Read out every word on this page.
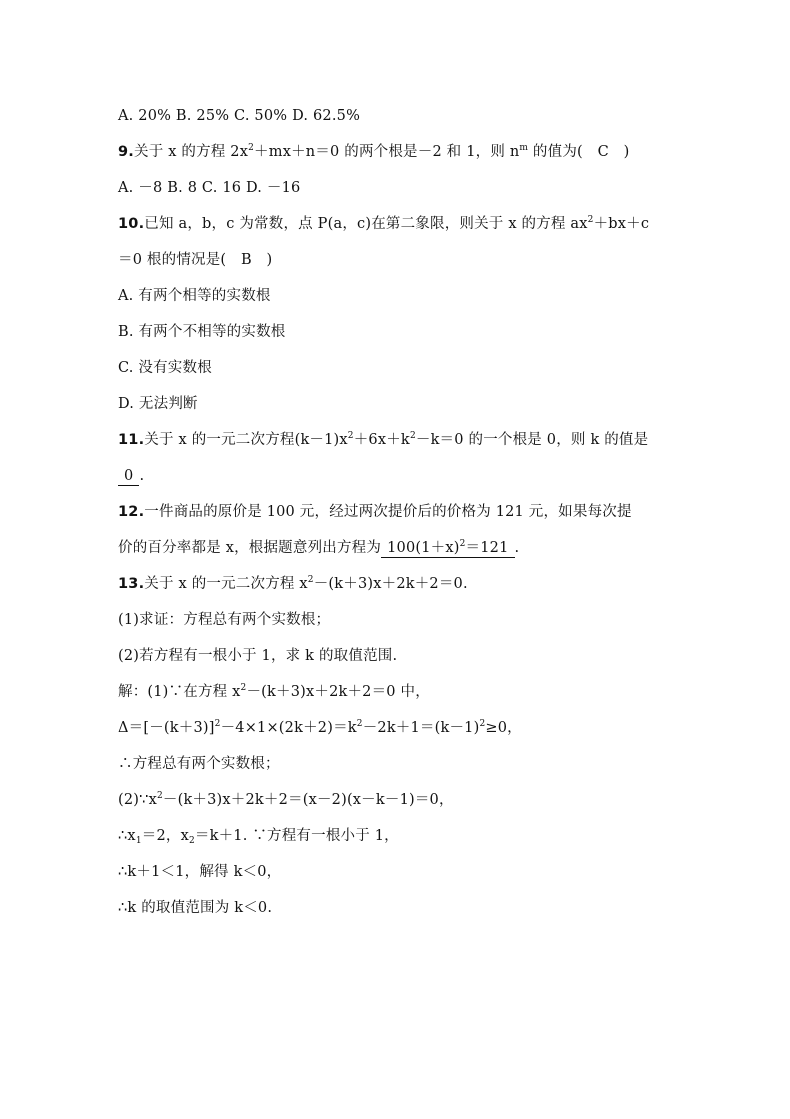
A. 20% B. 25% C. 50% D. 62.5%
9.关于 x 的方程 $2x^2+mx+n=0$ 的两个根是－2 和 1，则 $n^m$ 的值为(　C　)
A. －8 B. 8 C. 16 D. －16
10.已知 a，b，c 为常数，点 P(a，c)在第二象限，则关于 x 的方程 $ax^2+bx+c$
＝0 根的情况是(　B　)
A. 有两个相等的实数根
B. 有两个不相等的实数根
C. 没有实数根
D. 无法判断
11.关于 x 的一元二次方程$(k-1)x^2+6x+k^2-k=0$ 的一个根是 0，则 k 的值是
0 .
12.一件商品的原价是 100 元，经过两次提价后的价格为 121 元，如果每次提
价的百分率都是 x，根据题意列出方程为 $100(1+x)^2=121$ .
13.关于 x 的一元二次方程 $x^2-(k+3)x+2k+2=0$.
(1)求证：方程总有两个实数根；
(2)若方程有一根小于 1，求 k 的取值范围.
解：(1)∵在方程 $x^2-(k+3)x+2k+2=0$ 中，
$\Delta=[-(k+3)]^2-4\times 1\times(2k+2)=k^2-2k+1=(k-1)^2\ge 0$，
∴方程总有两个实数根；
$(2)\because x^2-(k+3)x+2k+2=(x-2)(x-k-1)=0$，
$\therefore x_1=2$，$x_2=k+1$. ∵方程有一根小于 1，
∴k＋1＜1，解得 k＜0，
∴k 的取值范围为 k＜0.
